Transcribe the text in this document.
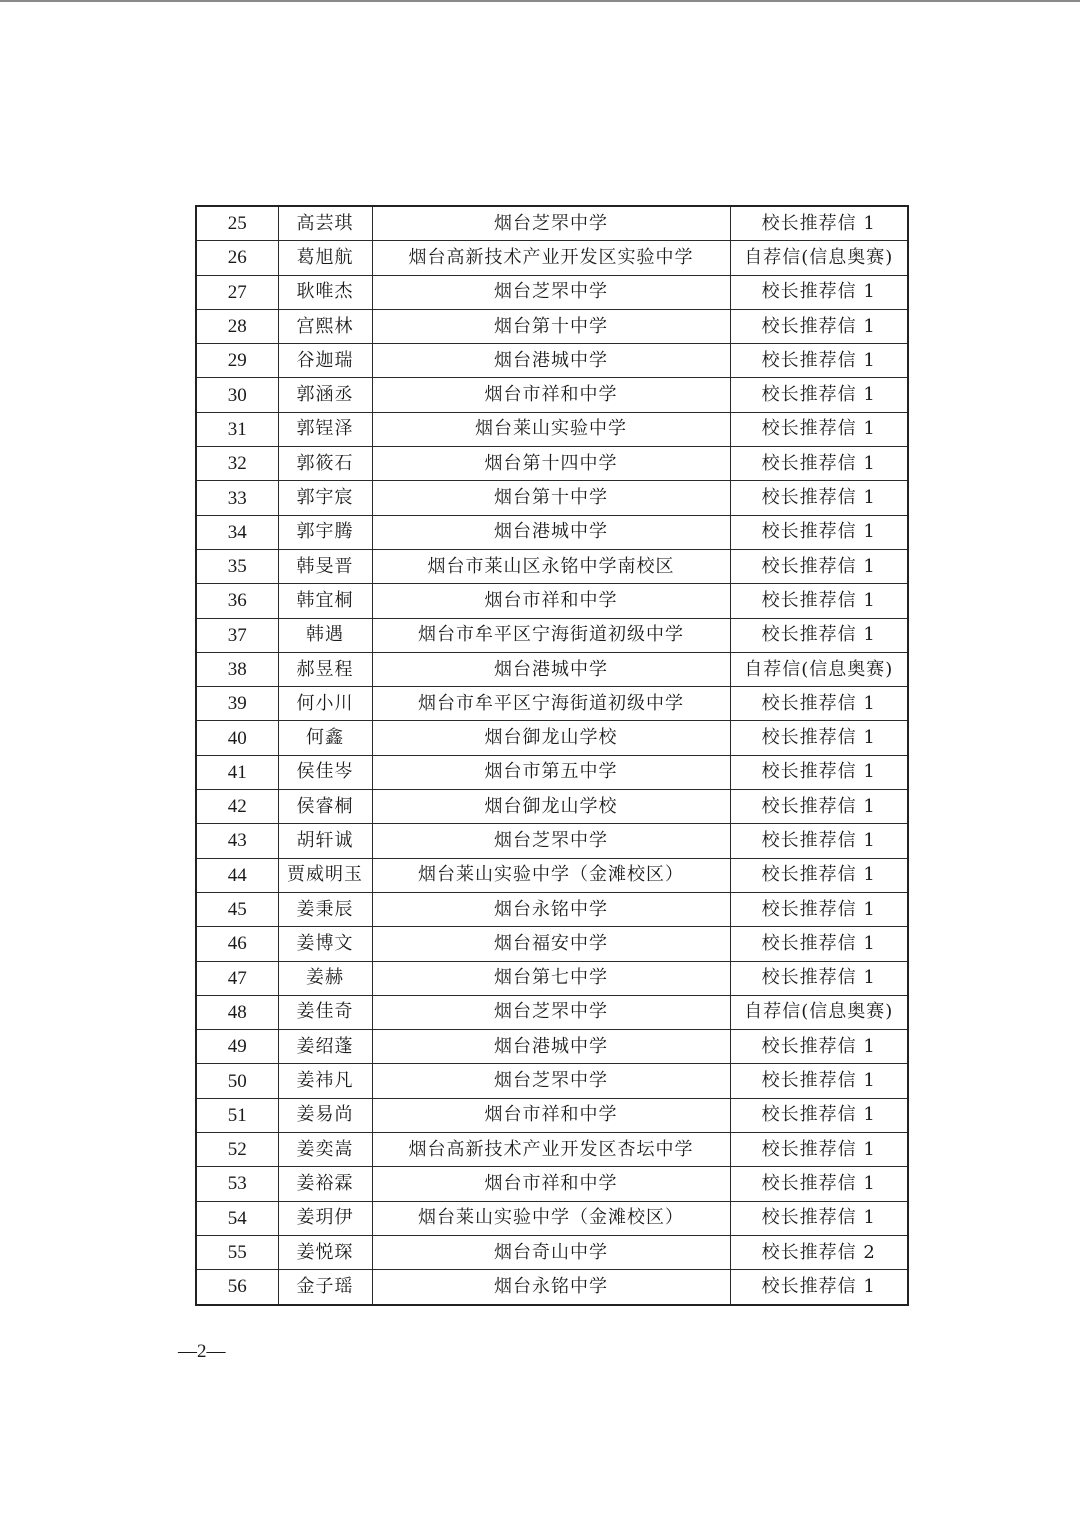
25	高芸琪	烟台芝罘中学	校长推荐信 1
26	葛旭航	烟台高新技术产业开发区实验中学	自荐信(信息奥赛)
27	耿唯杰	烟台芝罘中学	校长推荐信 1
28	宫熙林	烟台第十中学	校长推荐信 1
29	谷迦瑞	烟台港城中学	校长推荐信 1
30	郭涵丞	烟台市祥和中学	校长推荐信 1
31	郭锃泽	烟台莱山实验中学	校长推荐信 1
32	郭筱石	烟台第十四中学	校长推荐信 1
33	郭宇宸	烟台第十中学	校长推荐信 1
34	郭宇腾	烟台港城中学	校长推荐信 1
35	韩旻晋	烟台市莱山区永铭中学南校区	校长推荐信 1
36	韩宜桐	烟台市祥和中学	校长推荐信 1
37	韩遇	烟台市牟平区宁海街道初级中学	校长推荐信 1
38	郝昱程	烟台港城中学	自荐信(信息奥赛)
39	何小川	烟台市牟平区宁海街道初级中学	校长推荐信 1
40	何鑫	烟台御龙山学校	校长推荐信 1
41	侯佳岑	烟台市第五中学	校长推荐信 1
42	侯睿桐	烟台御龙山学校	校长推荐信 1
43	胡轩诚	烟台芝罘中学	校长推荐信 1
44	贾威明玉	烟台莱山实验中学（金滩校区）	校长推荐信 1
45	姜秉辰	烟台永铭中学	校长推荐信 1
46	姜博文	烟台福安中学	校长推荐信 1
47	姜赫	烟台第七中学	校长推荐信 1
48	姜佳奇	烟台芝罘中学	自荐信(信息奥赛)
49	姜绍蓬	烟台港城中学	校长推荐信 1
50	姜祎凡	烟台芝罘中学	校长推荐信 1
51	姜易尚	烟台市祥和中学	校长推荐信 1
52	姜奕嵩	烟台高新技术产业开发区杏坛中学	校长推荐信 1
53	姜裕霖	烟台市祥和中学	校长推荐信 1
54	姜玥伊	烟台莱山实验中学（金滩校区）	校长推荐信 1
55	姜悦琛	烟台奇山中学	校长推荐信 2
56	金子瑶	烟台永铭中学	校长推荐信 1
—2—
